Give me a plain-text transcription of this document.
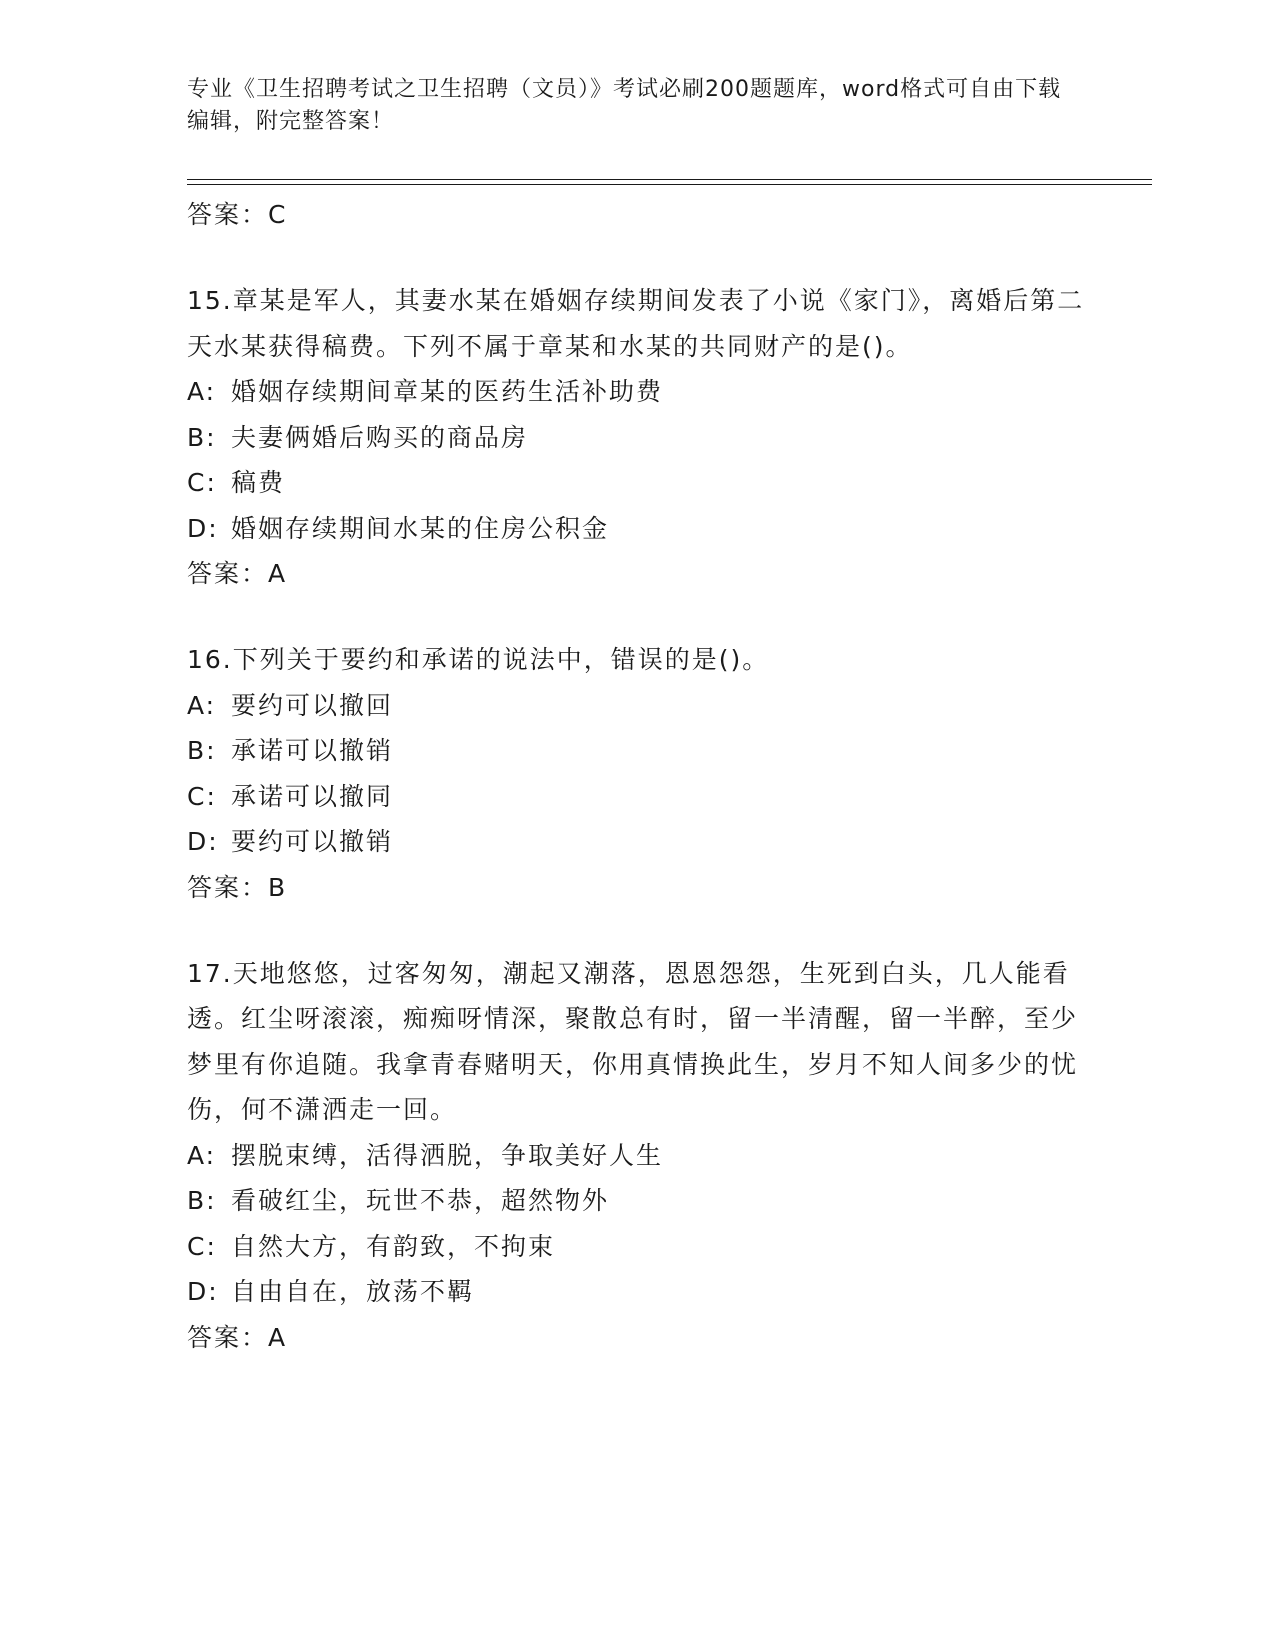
专业《卫生招聘考试之卫生招聘（文员）》考试必刷200题题库，word格式可自由下载编辑，附完整答案！
答案：C
15.章某是军人，其妻水某在婚姻存续期间发表了小说《家门》，离婚后第二天水某获得稿费。下列不属于章某和水某的共同财产的是()。
A: 婚姻存续期间章某的医药生活补助费
B: 夫妻俩婚后购买的商品房
C: 稿费
D: 婚姻存续期间水某的住房公积金
答案：A
16.下列关于要约和承诺的说法中，错误的是()。
A: 要约可以撤回
B: 承诺可以撤销
C: 承诺可以撤同
D: 要约可以撤销
答案：B
17.天地悠悠，过客匆匆，潮起又潮落，恩恩怨怨，生死到白头，几人能看透。红尘呀滚滚，痴痴呀情深，聚散总有时，留一半清醒，留一半醉，至少梦里有你追随。我拿青春赌明天，你用真情换此生，岁月不知人间多少的忧伤，何不潇洒走一回。
A: 摆脱束缚，活得洒脱，争取美好人生
B: 看破红尘，玩世不恭，超然物外
C: 自然大方，有韵致，不拘束
D: 自由自在，放荡不羁
答案：A
